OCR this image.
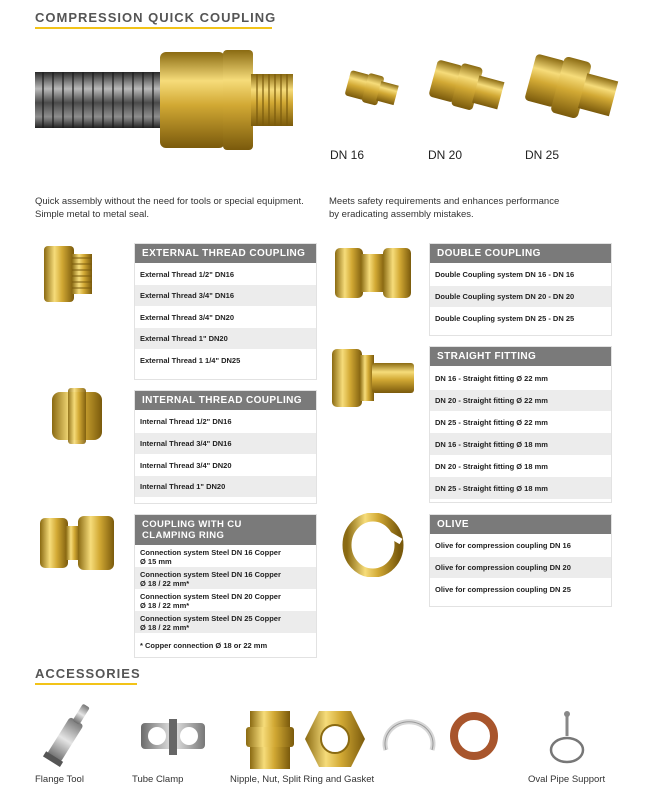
COMPRESSION QUICK COUPLING
DN 16	DN 20	DN 25
Quick assembly without the need for tools or special equipment.
Simple metal to metal seal.
Meets safety requirements and enhances performance
by eradicating assembly mistakes.
EXTERNAL THREAD COUPLING
External Thread 1/2" DN16
External Thread 3/4" DN16
External Thread 3/4" DN20
External Thread 1" DN20
External Thread 1 1/4" DN25
INTERNAL THREAD COUPLING
Internal Thread 1/2" DN16
Internal Thread 3/4" DN16
Internal Thread 3/4" DN20
Internal Thread 1" DN20
COUPLING WITH CU
CLAMPING RING
Connection system Steel DN 16 Copper
Ø 15 mm
Connection system Steel DN 16 Copper
Ø 18 / 22 mm*
Connection system Steel DN 20 Copper
Ø 18 / 22 mm*
Connection system Steel DN 25 Copper
Ø 18 / 22 mm*
* Copper connection Ø 18 or 22 mm
DOUBLE COUPLING
Double Coupling system DN 16 - DN 16
Double Coupling system DN 20 - DN 20
Double Coupling system DN 25 - DN 25
STRAIGHT FITTING
DN 16 - Straight fitting Ø 22 mm
DN 20 - Straight fitting Ø 22 mm
DN 25 - Straight fitting Ø 22 mm
DN 16 - Straight fitting Ø 18 mm
DN 20 - Straight fitting Ø 18 mm
DN 25 - Straight fitting Ø 18 mm
OLIVE
Olive for compression coupling DN 16
Olive for compression coupling DN 20
Olive for compression coupling DN 25
ACCESSORIES
Flange Tool	Tube Clamp	Nipple, Nut, Split Ring and Gasket	Oval Pipe Support
